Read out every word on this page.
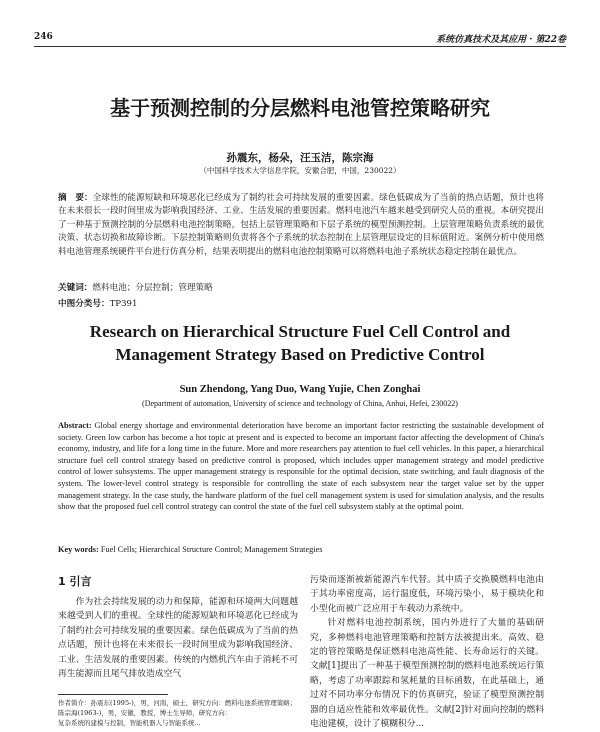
246	系统仿真技术及其应用 · 第22卷
基于预测控制的分层燃料电池管控策略研究
孙震东，杨朵，汪玉洁，陈宗海
（中国科学技术大学信息学院，安徽合肥，中国，230022）
摘　要：全球性的能源短缺和环境恶化已经成为了制约社会可持续发展的重要因素。绿色低碳成为了当前的热点话题，预计也将在未来很长一段时间里成为影响我国经济、工业、生活发展的重要因素。燃料电池汽车越来越受到研究人员的重视。本研究提出了一种基于预测控制的分层燃料电池控制策略，包括上层管理策略和下层子系统的模型预测控制。上层管理策略负责系统的最优决策、状态切换和故障诊断。下层控制策略则负责将各个子系统的状态控制在上层管理层设定的目标值附近。案例分析中使用燃料电池管理系统硬件平台进行仿真分析，结果表明提出的燃料电池控制策略可以将燃料电池子系统状态稳定控制在最优点。
关键词：燃料电池；分层控制；管理策略
中图分类号：TP391
Research on Hierarchical Structure Fuel Cell Control and
Management Strategy Based on Predictive Control
Sun Zhendong, Yang Duo, Wang Yujie, Chen Zonghai
(Department of automation, University of science and technology of China, Anhui, Hefei, 230022)
Abstract: Global energy shortage and environmental deterioration have become an important factor restricting the sustainable development of society. Green low carbon has become a hot topic at present and is expected to become an important factor affecting the development of China's economy, industry, and life for a long time in the future. More and more researchers pay attention to fuel cell vehicles. In this paper, a hierarchical structure fuel cell control strategy based on predictive control is proposed, which includes upper management strategy and model predictive control of lower subsystems. The upper management strategy is responsible for the optimal decision, state switching, and fault diagnosis of the system. The lower-level control strategy is responsible for controlling the state of each subsystem near the target value set by the upper management strategy. In the case study, the hardware platform of the fuel cell management system is used for simulation analysis, and the results show that the proposed fuel cell control strategy can control the state of the fuel cell subsystem stably at the optimal point.
Key words: Fuel Cells; Hierarchical Structure Control; Management Strategies
1 引言
作为社会持续发展的动力和保障，能源和环境两大问题越来越受到人们的重视。全球性的能源短缺和环境恶化已经成为了制约社会可持续发展的重要因素。绿色低碳成为了当前的热点话题，预计也将在未来很长一段时间里成为影响我国经济、工业、生活发展的重要因素。传统的内燃机汽车由于消耗不可再生能源而且尾气排放造成空气

污染而逐渐被新能源汽车代替。其中质子交换膜燃料电池由于其功率密度高，运行温度低，环境污染小，易于模块化和小型化而被广泛应用于车载动力系统中。

针对燃料电池控制系统，国内外进行了大量的基础研究，多种燃料电池管理策略和控制方法被提出来。高效、稳定的管控策略是保证燃料电池高性能、长寿命运行的关键。文献[1]提出了一种基于模型预测控制的燃料电池系统运行策略，考虑了功率跟踪和氢耗量的目标函数，在此基础上，通过对不同功率分布情况下的仿真研究，验证了模型预测控制器的自适应性能和效率最优性。文献[2]针对面向控制的燃料电池建模，设计了模糊积分...

作者简介：孙震东(1995-)，男，河南，硕士，研究方向：燃料电池系统管理策略；陈宗海(1963-)，男，安徽，教授，博士生导师，研究方向：
复杂系统的建模与控制，智能机器人与智能系统...
